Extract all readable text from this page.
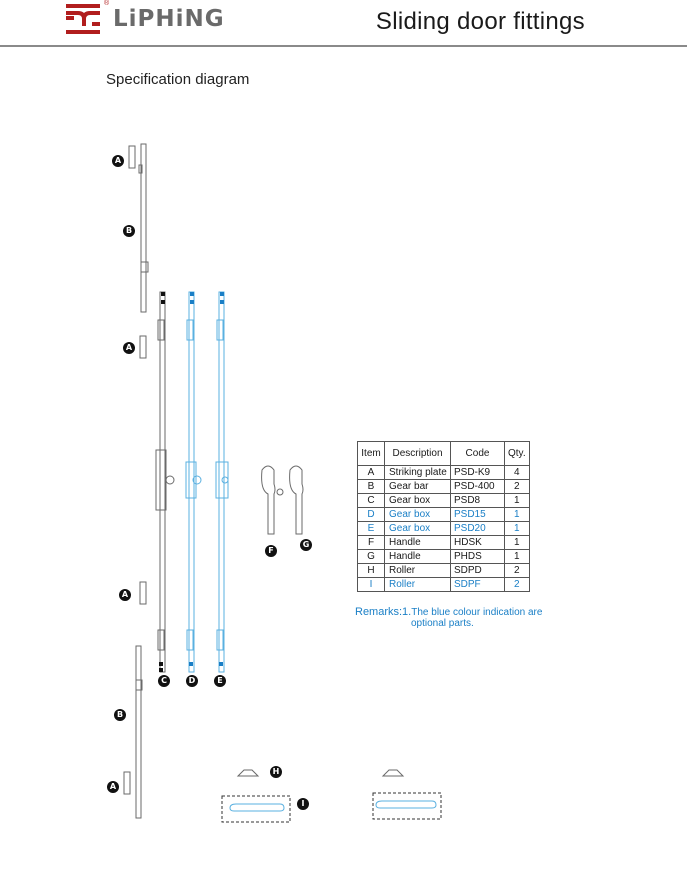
®
LiPHiNG	Sliding door fittings
Specification diagram
A
B
A
A
C	D	E
F
G
B
A
H
I
Item	Description	Code	Qty.
A	Striking plate	PSD-K9	4
B	Gear bar	PSD-400	2
C	Gear box	PSD8	1
D	Gear box	PSD15	1
E	Gear box	PSD20	1
F	Handle	HDSK	1
G	Handle	PHDS	1
H	Roller	SDPD	2
I	Roller	SDPF	2
Remarks:1.The blue colour indication are
optional parts.
